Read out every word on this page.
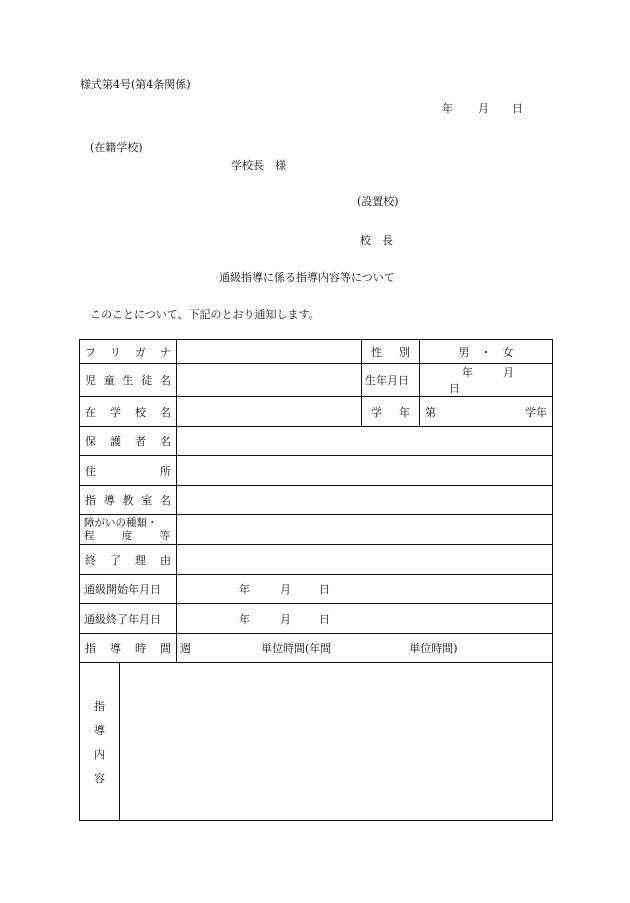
様式第4号(第4条関係)
年 月 日
(在籍学校)
学校長　様
(設置校)
校　長
通級指導に係る指導内容等について
このことについて、下記のとおり通知します。
フ リ ガ ナ			性 別	男　・　女

児 童 生 徒 名			生年月日	年 月日

在 学 校 名			学 年	第 学年

保 護 者 名				

住 所				

指 導 教 室 名				

障がいの種類・
程 度 等				

終 了 理 由				

通級開始年月日		年 月 日		
通級終了年月日		年 月 日		

指 導 時 間		週 単位時間(年間 単位時間)		

指
導
内
容				
